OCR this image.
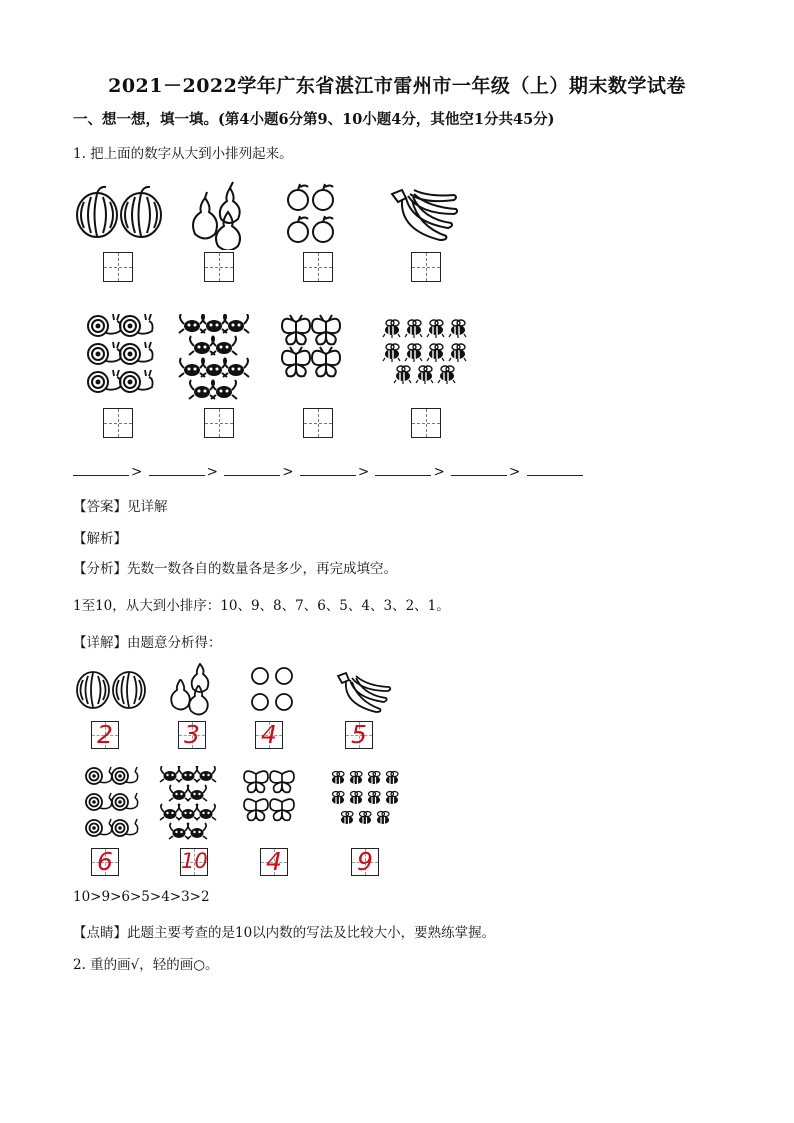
2021－2022学年广东省湛江市雷州市一年级（上）期末数学试卷
一、想一想，填一填。(第4小题6分第9、10小题4分，其他空1分共45分)
1. 把上面的数字从大到小排列起来。
>	>	>	>	>	>
【答案】见详解
【解析】
【分析】先数一数各自的数量各是多少，再完成填空。
1至10，从大到小排序：10、9、8、7、6、5、4、3、2、1。
【详解】由题意分析得：
2	3 4	5
6	10 4	9
10>9>6>5>4>3>2
【点睛】此题主要考查的是10以内数的写法及比较大小，要熟练掌握。
2. 重的画√，轻的画○。
